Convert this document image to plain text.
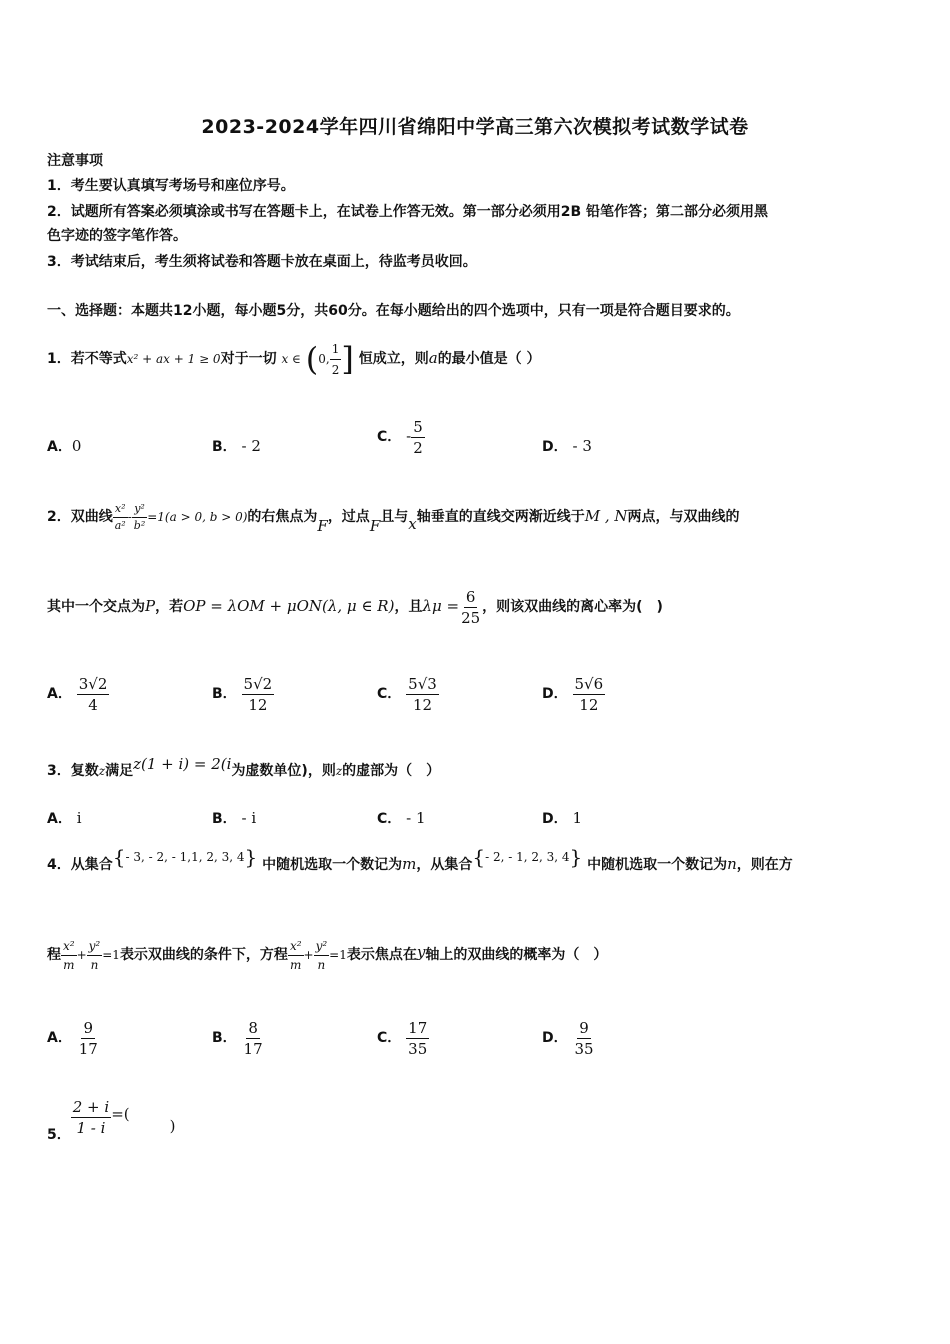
2023-2024学年四川省绵阳中学高三第六次模拟考试数学试卷
注意事项
1．考生要认真填写考场号和座位序号。
2．试题所有答案必须填涂或书写在答题卡上，在试卷上作答无效。第一部分必须用2B 铅笔作答；第二部分必须用黑
色字迹的签字笔作答。
3．考试结束后，考生须将试卷和答题卡放在桌面上，待监考员收回。
一、选择题：本题共12小题，每小题5分，共60分。在每小题给出的四个选项中，只有一项是符合题目要求的。
1．若不等式x² + ax + 1 ≥ 0对于一切 x ∈ (0, $\frac{1}{2}$ ] 恒成立，则a的最小值是（ ）
A．0	B． - 2	C． - $\frac{5}{2}$	D． - 3
2．双曲线 $\frac{\text{x²}}{\text{a²}} - \frac{\text{y²}}{\text{b²}} =1(a > 0$, b > 0)的右焦点为F，过点F且与x轴垂直的直线交两渐近线于M , N两点，与双曲线的
其中一个交点为P，若OP = λOM + μON(λ, μ ∈ R)，且$\lambda\mu = \frac{6}{25}$ ，则该双曲线的离心率为(　)
A． $\frac{3√2}{4}$	B． $\frac{5√2}{12}$	C． $\frac{5√3}{12}$	D． $\frac{5√6}{12}$
3．复数z满足z(1 + i) = 2(i为虚数单位)，则z的虚部为（　）
A． i	B． - i	C． - 1	D． 1
4．从集合{- 3, - 2, - 1,1, 2, 3, 4} 中随机选取一个数记为m，从集合{- 2, - 1, 2, 3, 4} 中随机选取一个数记为n，则在方
程 $\frac{\text{x²}}{m} + \frac{\text{y²}}{n} =1$表示双曲线的条件下，方程 $\frac{\text{x²}}{m} + \frac{\text{y²}}{n} =1$表示焦点在y轴上的双曲线的概率为（　）
A． $\frac{9}{17}$	B． $\frac{8}{17}$	C． $\frac{17}{35}$	D． $\frac{9}{35}$
5． $\frac{2 + i}{1 - i}$ =()
